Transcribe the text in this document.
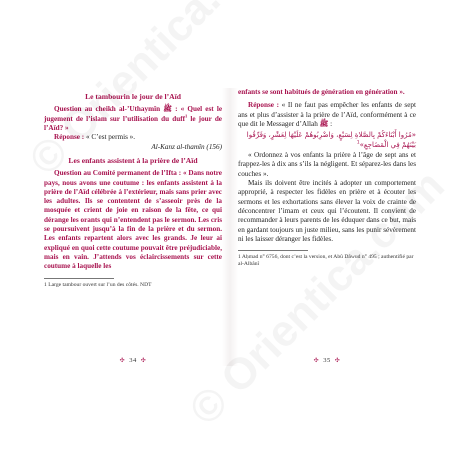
Le tambourin le jour de l’Aïd

Question au cheikh al-’Uthaymîn ﷺ : « Quel est le jugement de l’islam sur l’utilisation du duff$^1$ le jour de l’Aïd? »

Réponse : « C’est permis ».

Al-Kanz al-thamîn (156)

Les enfants assistent à la prière de l’Aïd

Question au Comité permanent de l’Ifta : « Dans notre pays, nous avons une coutume : les enfants assistent à la prière de l’Aïd célébrée à l’extérieur, mais sans prier avec les adultes. Ils se contentent de s’asseoir près de la mosquée et crient de joie en raison de la fête, ce qui dérange les orants qui n’entendent pas le sermon. Les cris se poursuivent jusqu’à la fin de la prière et du sermon. Les enfants repartent alors avec les grands. Je leur ai expliqué en quoi cette coutume pouvait être préjudiciable, mais en vain. J’attends vos éclaircissements sur cette coutume à laquelle les

1 Large tambour ouvert sur l’un des côtés. NDT

✣ 34 ✣

enfants se sont habitués de génération en génération ».

Réponse : « Il ne faut pas empêcher les enfants de sept ans et plus d’assister à la prière de l’Aïd, conformément à ce que dit le Messager d’Allah ﷺ :

«مُرُوا أَبْنَاءَكُمْ بِالصَّلاةِ لِسَبْعٍ، وَاضْرِبُوهُمْ عَلَيْهَا لِعَشْرٍ، وَفَرِّقُوا
بَيْنَهُمْ فِي الْمَضَاجِعِ»$^1$

« Ordonnez à vos enfants la prière à l’âge de sept ans et frappez-les à dix ans s’ils la négligent. Et séparez-les dans les couches ».

Mais ils doivent être incités à adopter un comportement approprié, à respecter les fidèles en prière et à écouter les sermons et les exhortations sans élever la voix de crainte de déconcentrer l’imam et ceux qui l’écoutent. Il convient de recommander à leurs parents de les éduquer dans ce but, mais en gardant toujours un juste milieu, sans les punir sévèrement ni les laisser déranger les fidèles.

1 Aḥmad n° 6756, dont c’est la version, et Abû Dâwud n° 495 ; authentifié par al-Albânî

✣ 35 ✣
